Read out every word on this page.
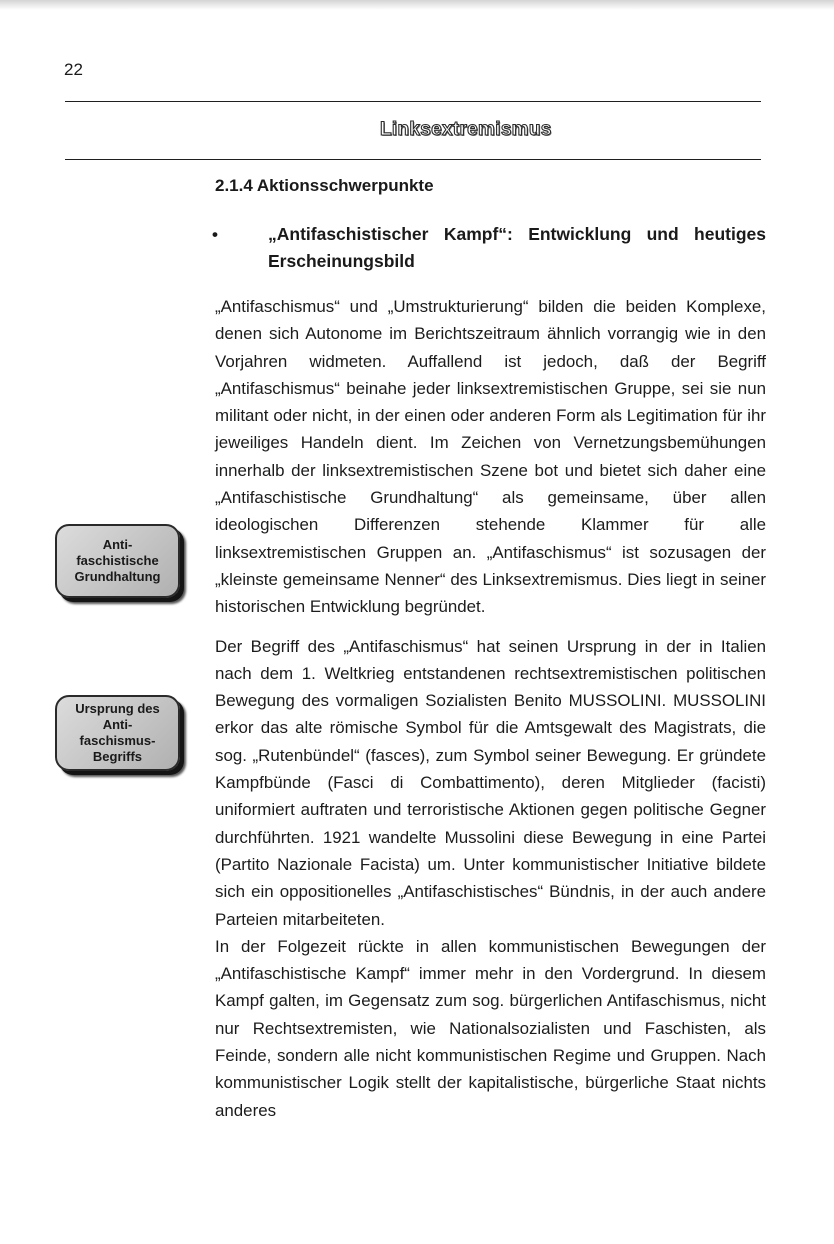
22
Linksextremismus
2.1.4 Aktionsschwerpunkte
•	„Antifaschistischer Kampf“: Entwicklung und heutiges Erscheinungsbild
Anti-
faschistische
Grundhaltung
Ursprung des
Anti-
faschismus-
Begriffs

„Antifaschismus“ und „Umstrukturierung“ bilden die beiden Komplexe, denen sich Autonome im Berichtszeitraum ähnlich vorrangig wie in den Vorjahren widmeten. Auffallend ist jedoch, daß der Begriff „Antifaschismus“ beinahe jeder linksextremistischen Gruppe, sei sie nun militant oder nicht, in der einen oder anderen Form als Legitimation für ihr jeweiliges Handeln dient. Im Zeichen von Vernetzungsbemühungen innerhalb der linksextremistischen Szene bot und bietet sich daher eine „Antifaschistische Grundhaltung“ als gemeinsame, über allen ideologischen Differenzen stehende Klammer für alle linksextremistischen Gruppen an. „Antifaschismus“ ist sozusagen der „kleinste gemeinsame Nenner“ des Linksextremismus. Dies liegt in seiner historischen Entwicklung begründet.

Der Begriff des „Antifaschismus“ hat seinen Ursprung in der in Italien nach dem 1. Weltkrieg entstandenen rechtsextremistischen politischen Bewegung des vormaligen Sozialisten Benito MUSSOLINI. MUSSOLINI erkor das alte römische Symbol für die Amtsgewalt des Magistrats, die sog. „Rutenbündel“ (fasces), zum Symbol seiner Bewegung. Er gründete Kampfbünde (Fasci di Combattimento), deren Mitglieder (facisti) uniformiert auftraten und terroristische Aktionen gegen politische Gegner durchführten. 1921 wandelte Mussolini diese Bewegung in eine Partei (Partito Nazionale Facista) um. Unter kommunistischer Initiative bildete sich ein oppositionelles „Antifaschistisches“ Bündnis, in der auch andere Parteien mitarbeiteten.

In der Folgezeit rückte in allen kommunistischen Bewegungen der „Antifaschistische Kampf“ immer mehr in den Vordergrund. In diesem Kampf galten, im Gegensatz zum sog. bürgerlichen Antifaschismus, nicht nur Rechtsextremisten, wie Nationalsozialisten und Faschisten, als Feinde, sondern alle nicht kommunistischen Regime und Gruppen. Nach kommunistischer Logik stellt der kapitalistische, bürgerliche Staat nichts anderes
